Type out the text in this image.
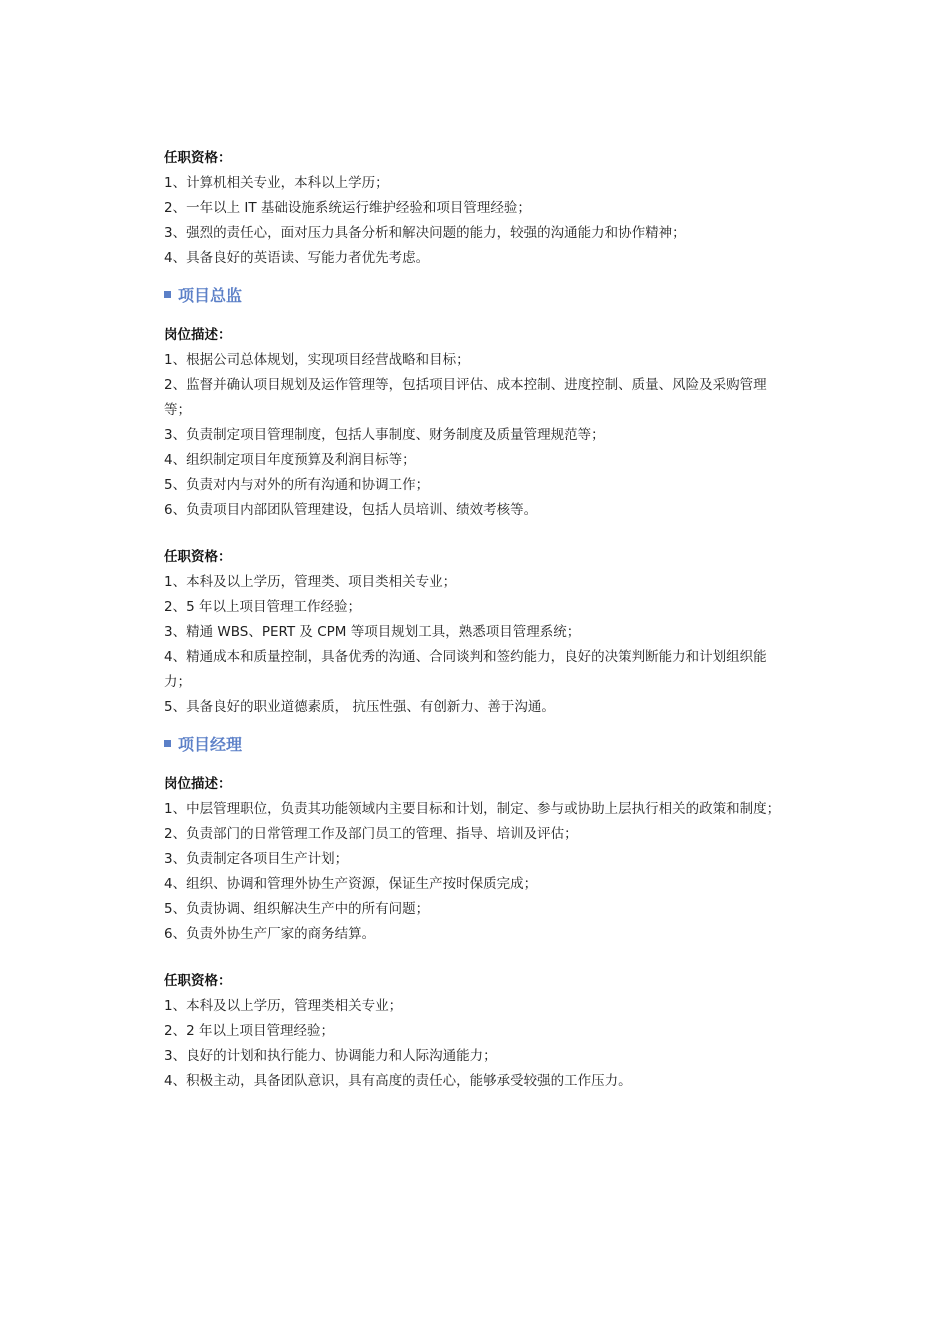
任职资格：
1、计算机相关专业，本科以上学历；
2、一年以上 IT 基础设施系统运行维护经验和项目管理经验；
3、强烈的责任心，面对压力具备分析和解决问题的能力，较强的沟通能力和协作精神；
4、具备良好的英语读、写能力者优先考虑。
项目总监
岗位描述：
1、根据公司总体规划，实现项目经营战略和目标；
2、监督并确认项目规划及运作管理等，包括项目评估、成本控制、进度控制、质量、风险及采购管理等；
3、负责制定项目管理制度，包括人事制度、财务制度及质量管理规范等；
4、组织制定项目年度预算及利润目标等；
5、负责对内与对外的所有沟通和协调工作；
6、负责项目内部团队管理建设，包括人员培训、绩效考核等。
任职资格：
1、本科及以上学历，管理类、项目类相关专业；
2、5 年以上项目管理工作经验；
3、精通 WBS、PERT 及 CPM 等项目规划工具，熟悉项目管理系统；
4、精通成本和质量控制，具备优秀的沟通、合同谈判和签约能力，良好的决策判断能力和计划组织能力；
5、具备良好的职业道德素质， 抗压性强、有创新力、善于沟通。
项目经理
岗位描述：
1、中层管理职位，负责其功能领域内主要目标和计划，制定、参与或协助上层执行相关的政策和制度；
2、负责部门的日常管理工作及部门员工的管理、指导、培训及评估；
3、负责制定各项目生产计划；
4、组织、协调和管理外协生产资源，保证生产按时保质完成；
5、负责协调、组织解决生产中的所有问题；
6、负责外协生产厂家的商务结算。
任职资格：
1、本科及以上学历，管理类相关专业；
2、2 年以上项目管理经验；
3、良好的计划和执行能力、协调能力和人际沟通能力；
4、积极主动，具备团队意识，具有高度的责任心，能够承受较强的工作压力。
